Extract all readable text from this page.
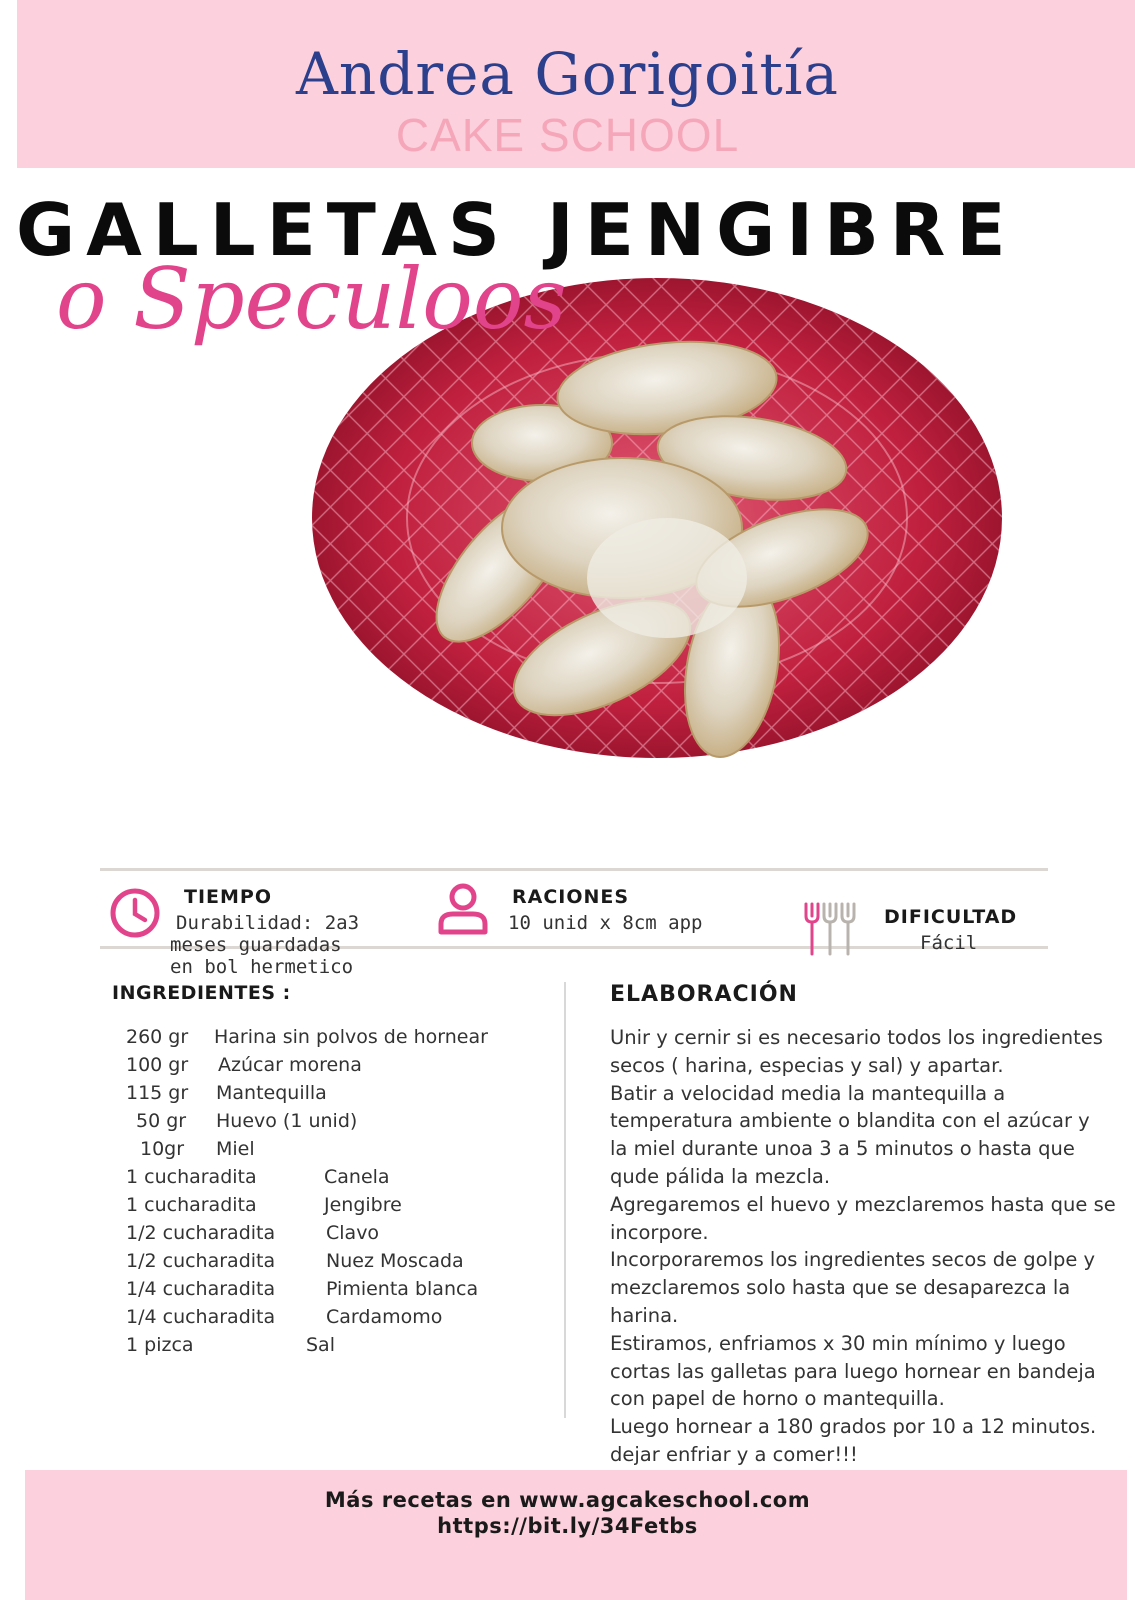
Andrea Gorigoitía
CAKE SCHOOL
GALLETAS JENGIBRE
o Speculoos
TIEMPO
Durabilidad: 2a3
meses guardadas
en bol hermetico
RACIONES
10 unid x 8cm app	DIFICULTAD
Fácil
INGREDIENTES :
260 gr Harina sin polvos de hornear
100 gr Azúcar morena
115 gr Mantequilla
50 gr Huevo (1 unid)
10gr Miel
1 cucharadita	Canela
1 cucharadita	Jengibre
1/2 cucharadita	Clavo
1/2 cucharadita	Nuez Moscada
1/4 cucharadita	Pimienta blanca
1/4 cucharadita	Cardamomo
1 pizca	Sal
ELABORACIÓN
Unir y cernir si es necesario todos los ingredientes
secos ( harina, especias y sal) y apartar.
Batir a velocidad media la mantequilla a
temperatura ambiente o blandita con el azúcar y
la miel durante unoa 3 a 5 minutos o hasta que
qude pálida la mezcla.
Agregaremos el huevo y mezclaremos hasta que se
incorpore.
Incorporaremos los ingredientes secos de golpe y
mezclaremos solo hasta que se desaparezca la
harina.
Estiramos, enfriamos x 30 min mínimo y luego
cortas las galletas para luego hornear en bandeja
con papel de horno o mantequilla.
Luego hornear a 180 grados por 10 a 12 minutos.
dejar enfriar y a comer!!!
Más recetas en www.agcakeschool.com
https://bit.ly/34Fetbs
